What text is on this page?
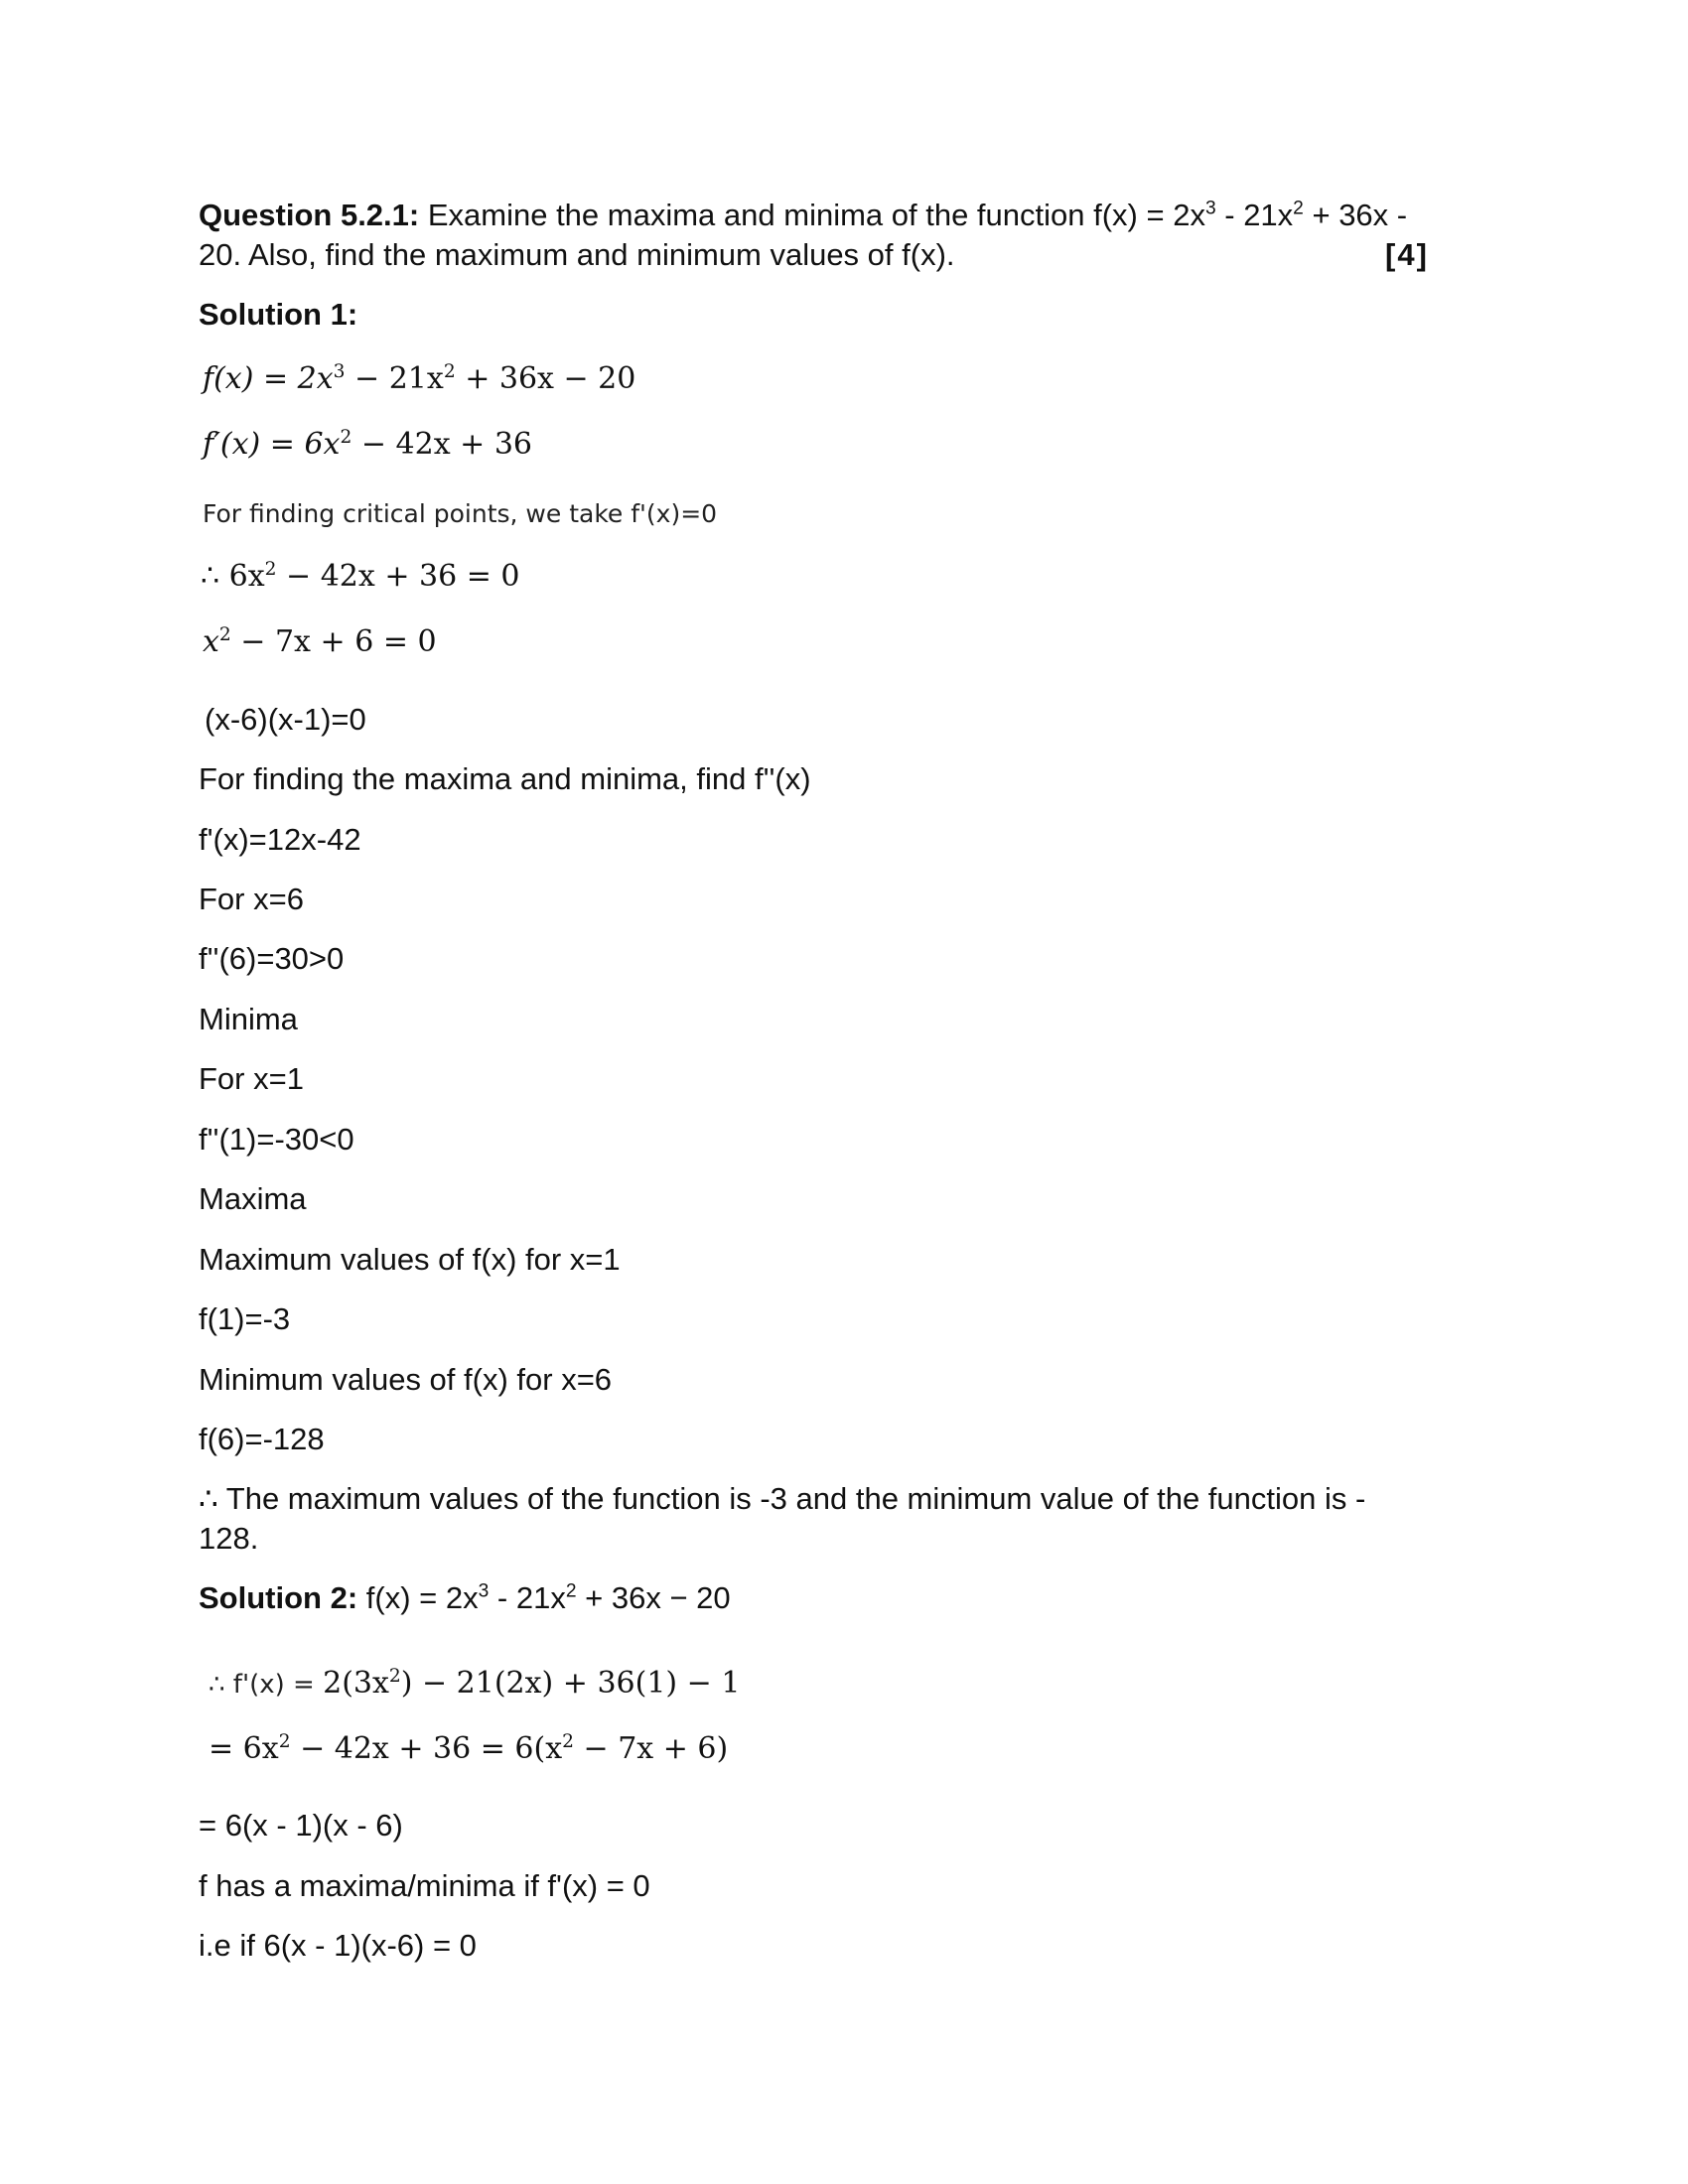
Question 5.2.1: Examine the maxima and minima of the function $f(x) = 2x^3 - 21x^2 + 36x$ -
20. Also, find the maximum and minimum values of f(x).	[4]
Solution 1:
$f(x) = 2x^3 - 21x^2 + 36x - 20$
$f'(x) = 6x^2 - 42x + 36$
For finding critical points, we take f'(x)=0
∴ $6x^2 - 42x + 36 = 0$
$x^2 - 7x + 6 = 0$
(x-6)(x-1)=0
For finding the maxima and minima, find f''(x)
f'(x)=12x-42
For x=6
f''(6)=30>0
Minima
For x=1
f''(1)=-30<0
Maxima
Maximum values of f(x) for x=1
f(1)=-3
Minimum values of f(x) for x=6
f(6)=-128
∴ The maximum values of the function is -3 and the minimum value of the function is -
128.
Solution 2: $f(x) = 2x^3 - 21x^2 + 36x - 20$
∴ $f'(x) = 2(3x^2) - 21(2x) + 36(1) - 1$
= $6x^2 - 42x + 36 = 6(x^2 - 7x + 6)$
= 6(x - 1)(x - 6)
f has a maxima/minima if f'(x) = 0
i.e if 6(x - 1)(x-6) = 0
